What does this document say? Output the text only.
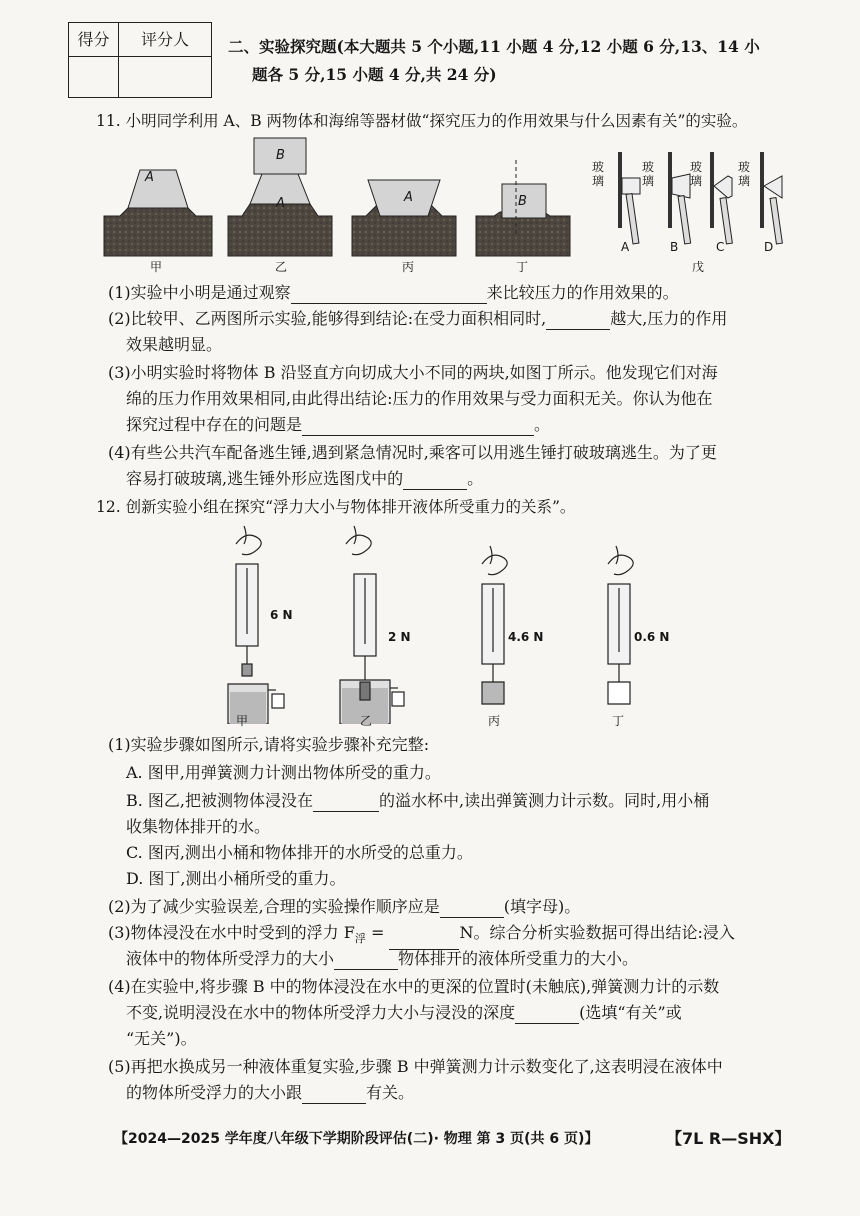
得分	评分人	二、实验探究题(本大题共 5 个小题,11 小题 4 分,12 小题 6 分,13、14 小
题各 5 分,15 小题 4 分,共 24 分)
11. 小明同学利用 A、B 两物体和海绵等器材做“探究压力的作用效果与什么因素有关”的实验。
A
B
A	A	B
甲	乙	丙	丁
玻璃
玻璃
玻璃
玻璃
A	B	C	D
戊
(1)实验中小明是通过观察	来比较压力的作用效果的。
(2)比较甲、乙两图所示实验,能够得到结论:在受力面积相同时,	越大,压力的作用
效果越明显。
(3)小明实验时将物体 B 沿竖直方向切成大小不同的两块,如图丁所示。他发现它们对海
绵的压力作用效果相同,由此得出结论:压力的作用效果与受力面积无关。你认为他在
探究过程中存在的问题是	。
(4)有些公共汽车配备逃生锤,遇到紧急情况时,乘客可以用逃生锤打破玻璃逃生。为了更
容易打破玻璃,逃生锤外形应选图戊中的	。
12. 创新实验小组在探究“浮力大小与物体排开液体所受重力的关系”。
6 N
2 N	4.6 N	0.6 N
甲	乙	丙	丁
(1)实验步骤如图所示,请将实验步骤补充完整:
A. 图甲,用弹簧测力计测出物体所受的重力。
B. 图乙,把被测物体浸没在	的溢水杯中,读出弹簧测力计示数。同时,用小桶
收集物体排开的水。
C. 图丙,测出小桶和物体排开的水所受的总重力。
D. 图丁,测出小桶所受的重力。
(2)为了减少实验误差,合理的实验操作顺序应是	(填字母)。
(3)物体浸没在水中时受到的浮力 $F_浮$ =	N。综合分析实验数据可得出结论:浸入
液体中的物体所受浮力的大小	物体排开的液体所受重力的大小。
(4)在实验中,将步骤 B 中的物体浸没在水中的更深的位置时(未触底),弹簧测力计的示数
不变,说明浸没在水中的物体所受浮力大小与浸没的深度	(选填“有关”或
“无关”)。
(5)再把水换成另一种液体重复实验,步骤 B 中弹簧测力计示数变化了,这表明浸在液体中
的物体所受浮力的大小跟	有关。
【2024—2025 学年度八年级下学期阶段评估(二)· 物理 第 3 页(共 6 页)】	【7L R—SHX】
